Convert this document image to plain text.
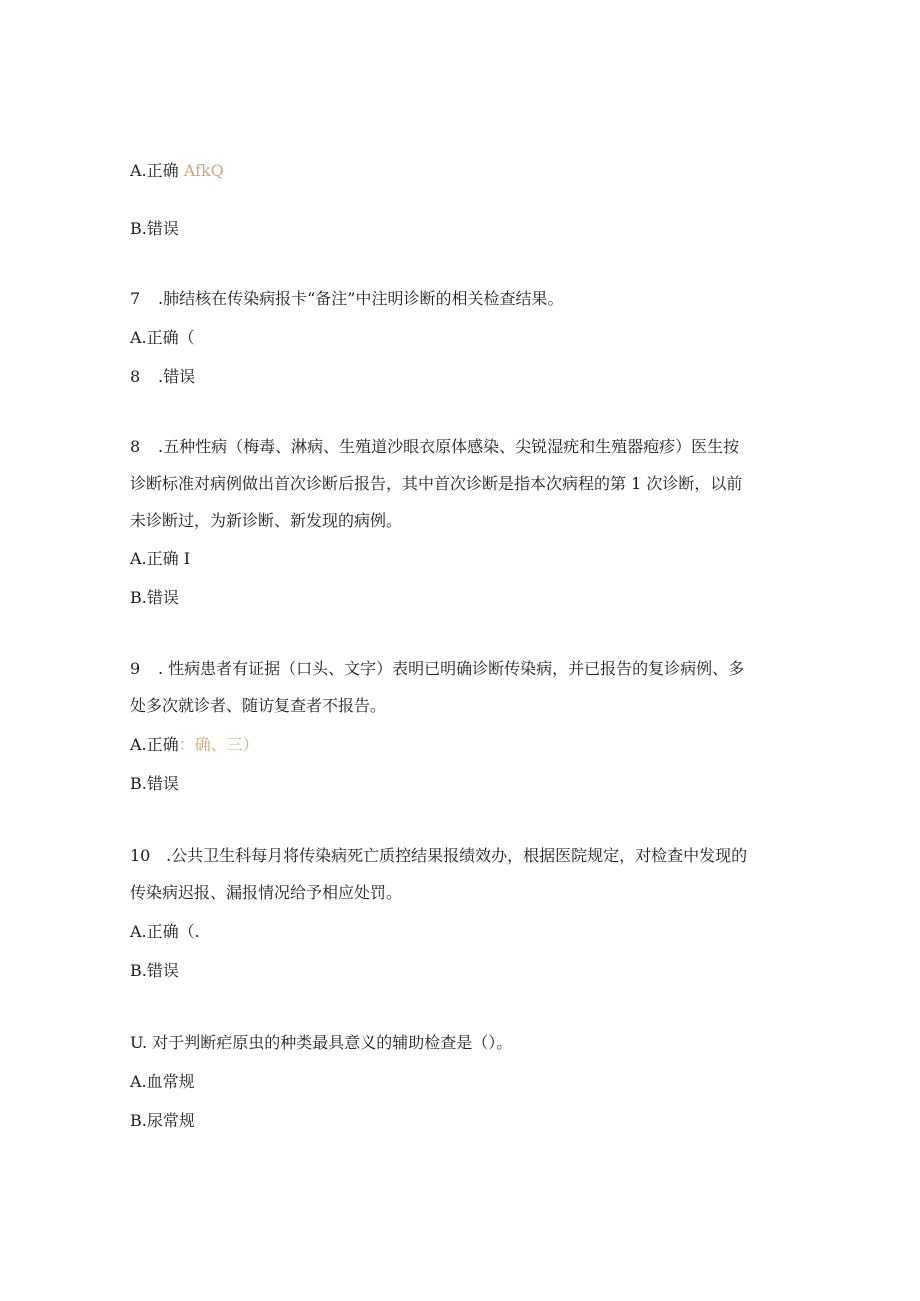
A.正确 AfkQ
B.错误
7 .肺结核在传染病报卡“备注”中注明诊断的相关检查结果。
A.正确（
8 .错误
8 .五种性病（梅毒、淋病、生殖道沙眼衣原体感染、尖锐湿疣和生殖器疱疹）医生按
诊断标准对病例做出首次诊断后报告，其中首次诊断是指本次病程的第 1 次诊断，以前
未诊断过，为新诊断、新发现的病例。
A.正确 I
B.错误
9 . 性病患者有证据（口头、文字）表明已明确诊断传染病，并已报告的复诊病例、多
处多次就诊者、随访复查者不报告。
A.正确：确、三）
B.错误
10 .公共卫生科每月将传染病死亡质控结果报绩效办，根据医院规定，对检查中发现的
传染病迟报、漏报情况给予相应处罚。
A.正确（.
B.错误
U. 对于判断疟原虫的种类最具意义的辅助检查是（）。
A.血常规
B.尿常规
